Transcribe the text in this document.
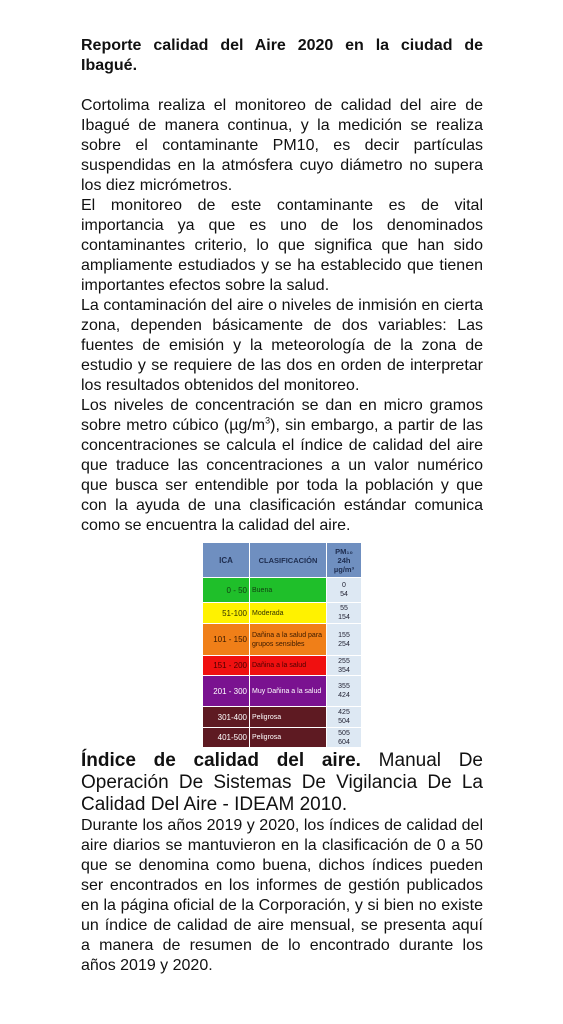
Reporte calidad del Aire 2020 en la ciudad de
Ibagué.

Cortolima realiza el monitoreo de calidad del aire de Ibagué de manera continua, y la medición se realiza sobre el contaminante PM10, es decir partículas suspendidas en la atmósfera cuyo diámetro no supera los diez micrómetros.

El monitoreo de este contaminante es de vital importancia ya que es uno de los denominados contaminantes criterio, lo que significa que han sido ampliamente estudiados y se ha establecido que tienen importantes efectos sobre la salud.

La contaminación del aire o niveles de inmisión en cierta zona, dependen básicamente de dos variables: Las fuentes de emisión y la meteorología de la zona de estudio y se requiere de las dos en orden de interpretar los resultados obtenidos del monitoreo.

Los niveles de concentración se dan en micro gramos sobre metro cúbico $(\mu g/m^3)$, sin embargo, a partir de las concentraciones se calcula el índice de calidad del aire que traduce las concentraciones a un valor numérico que busca ser entendible por toda la población y que con la ayuda de una clasificación estándar comunica como se encuentra la calidad del aire.

ICA	CLASIFICACIÓN	PM₁₀
24h
µg/m³

0 - 50	Buena	0
54

51-100	Moderada	55
154

101 - 150	Dañina a la salud para grupos sensibles	155
254

151 - 200	Dañina a la salud	255
354

201 - 300	Muy Dañina a la salud	355
424

301-400	Peligrosa	425
504

401-500	Peligrosa	505
604

Índice de calidad del aire. Manual De
Operación De Sistemas De Vigilancia De La
Calidad Del Aire - IDEAM 2010.

Durante los años 2019 y 2020, los índices de calidad del aire diarios se mantuvieron en la clasificación de 0 a 50 que se denomina como buena, dichos índices pueden ser encontrados en los informes de gestión publicados en la página oficial de la Corporación, y si bien no existe un índice de calidad de aire mensual, se presenta aquí a manera de resumen de lo encontrado durante los años 2019 y 2020.
